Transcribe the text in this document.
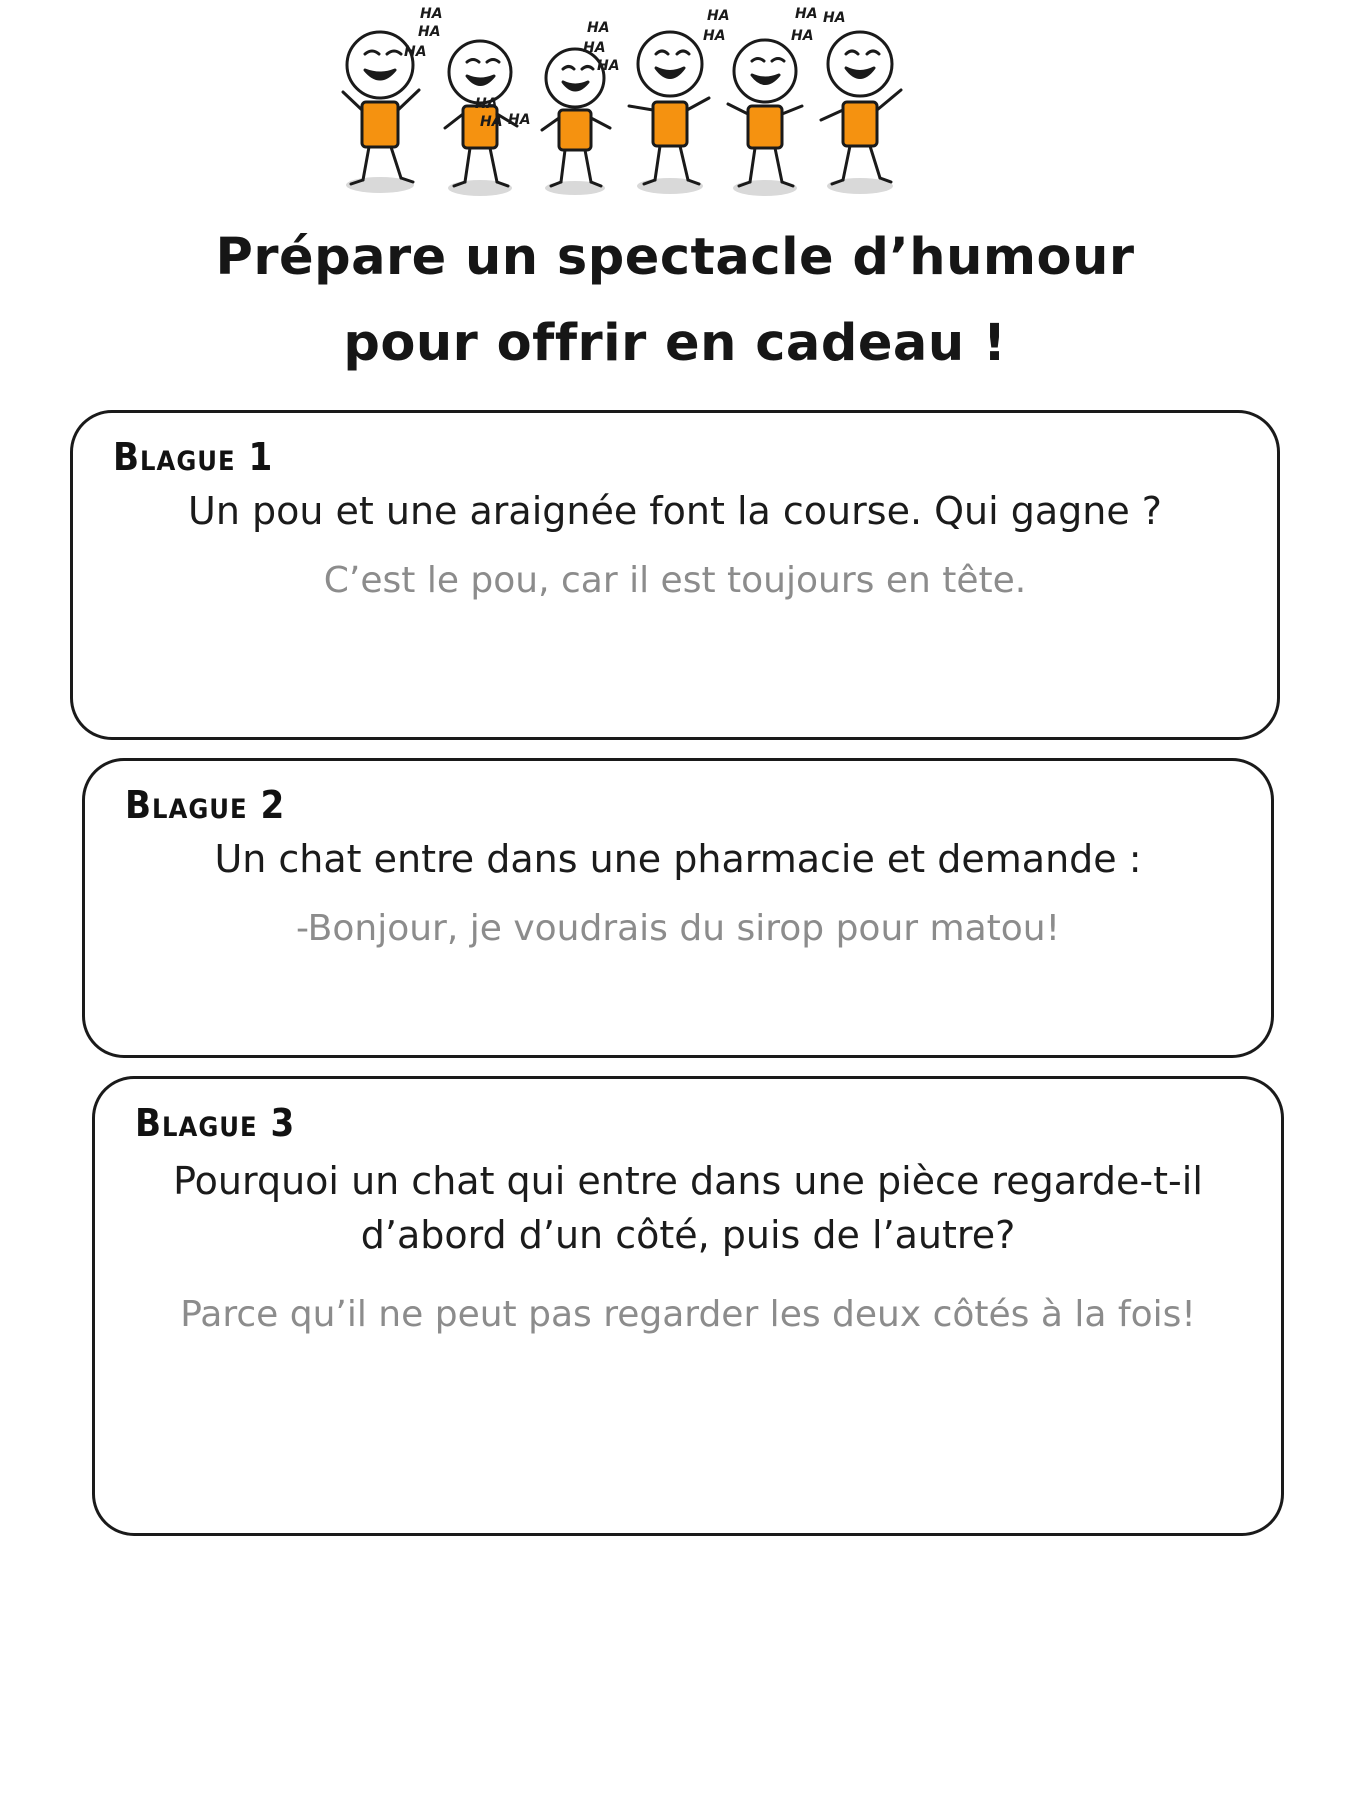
HA
HA
HA
HA
HA HA
HA
HA
HA
HA
HA
HA HA
HA
Prépare un spectacle d’humour
pour offrir en cadeau !
Blague 1
Un pou et une araignée font la course. Qui gagne ?
C’est le pou, car il est toujours en tête.
Blague 2
Un chat entre dans une pharmacie et demande :
-Bonjour, je voudrais du sirop pour matou!
Blague 3
Pourquoi un chat qui entre dans une pièce regarde-t-il d’abord d’un côté, puis de l’autre?
Parce qu’il ne peut pas regarder les deux côtés à la fois!
